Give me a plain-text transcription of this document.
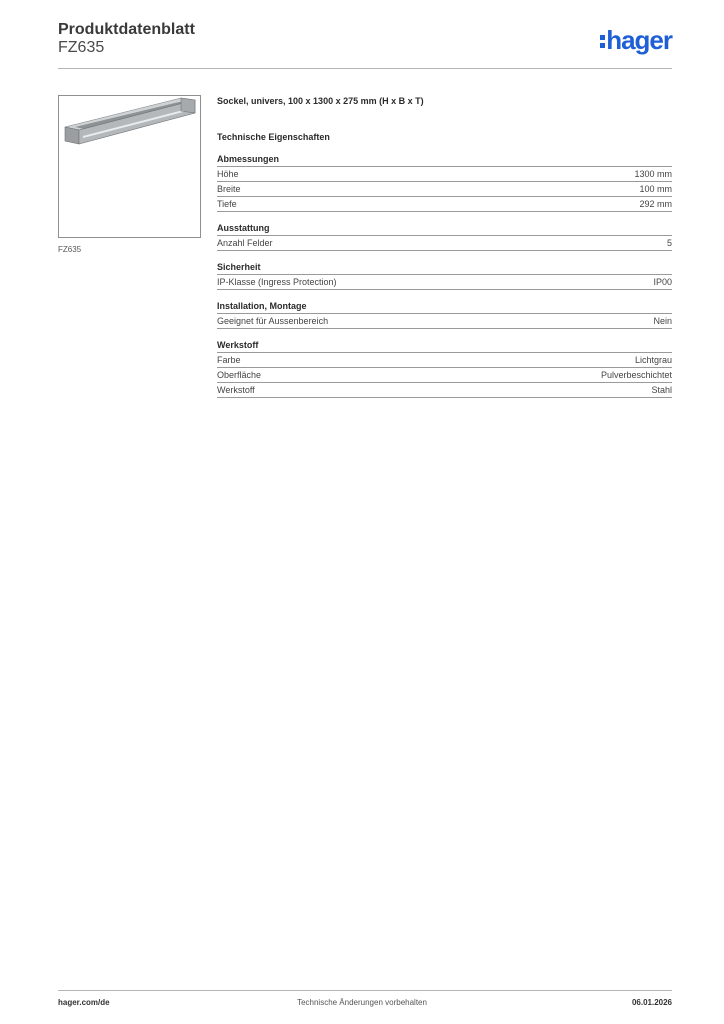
Produktdatenblatt
FZ635	hager
FZ635

Sockel, univers, 100 x 1300 x 275 mm (H x B x T)

Technische Eigenschaften
Abmessungen
Höhe	1300 mm
Breite	100 mm
Tiefe	292 mm
Ausstattung
Anzahl Felder	5
Sicherheit
IP-Klasse (Ingress Protection)	IP00
Installation, Montage
Geeignet für Aussenbereich	Nein
Werkstoff
Farbe	Lichtgrau
Oberfläche	Pulverbeschichtet
Werkstoff	Stahl
hager.com/de	Technische Änderungen vorbehalten	06.01.2026
